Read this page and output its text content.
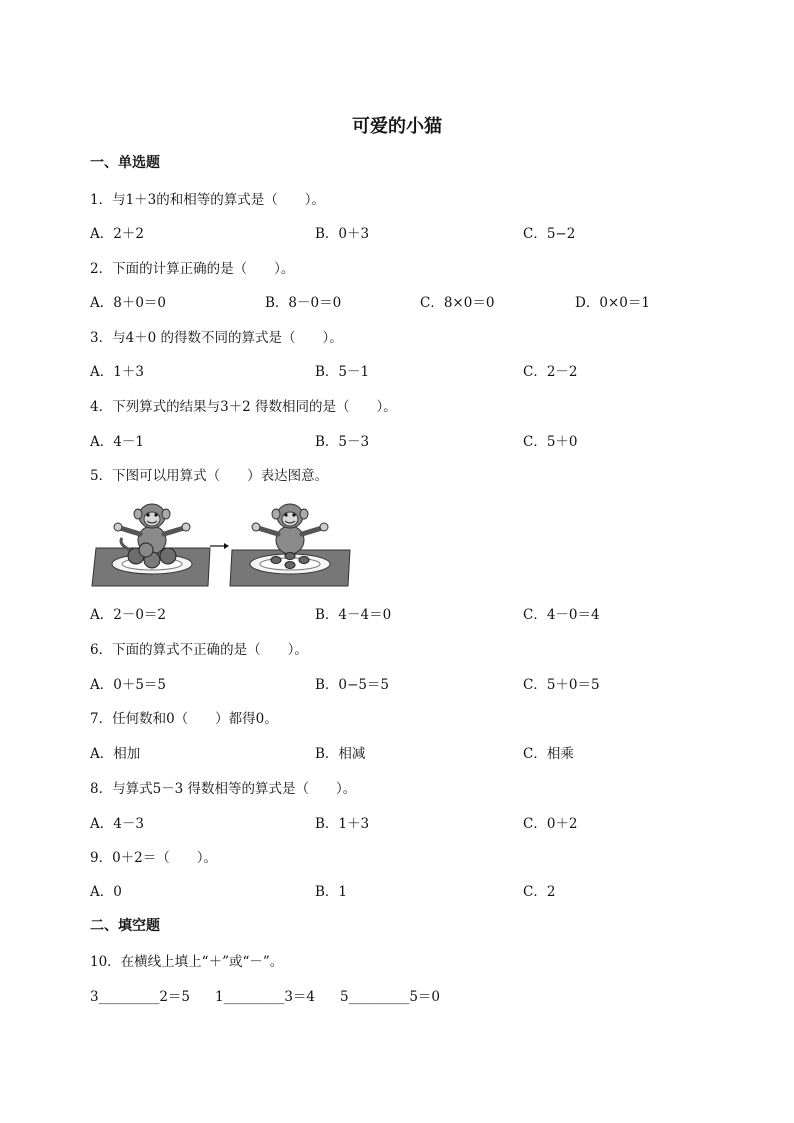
可爱的小猫
一、单选题
1．与1＋3的和相等的算式是（　　）。
A．2＋2	B．0＋3	C．5−2
2．下面的计算正确的是（　　）。
A．8＋0＝0	B．8－0＝0	C．8×0＝0	D．0×0＝1
3．与4＋0 的得数不同的算式是（　　）。
A．1＋3	B．5－1	C．2－2
4．下列算式的结果与3＋2 得数相同的是（　　）。
A．4－1	B．5－3	C．5＋0
5．下图可以用算式（　　）表达图意。
A．2－0＝2	B．4－4＝0	C．4－0＝4
6．下面的算式不正确的是（　　）。
A．0＋5＝5	B．0−5＝5	C．5＋0＝5
7．任何数和0（　　）都得0。
A．相加	B．相减	C．相乘
8．与算式5－3 得数相等的算式是（　　）。
A．4－3	B．1＋3	C．0＋2
9．0＋2＝（　　）。
A．0	B．1	C．2
二、填空题
10．在横线上填上“＋”或“－”。
3_________2＝5 1_________3＝4 5_________5＝0
